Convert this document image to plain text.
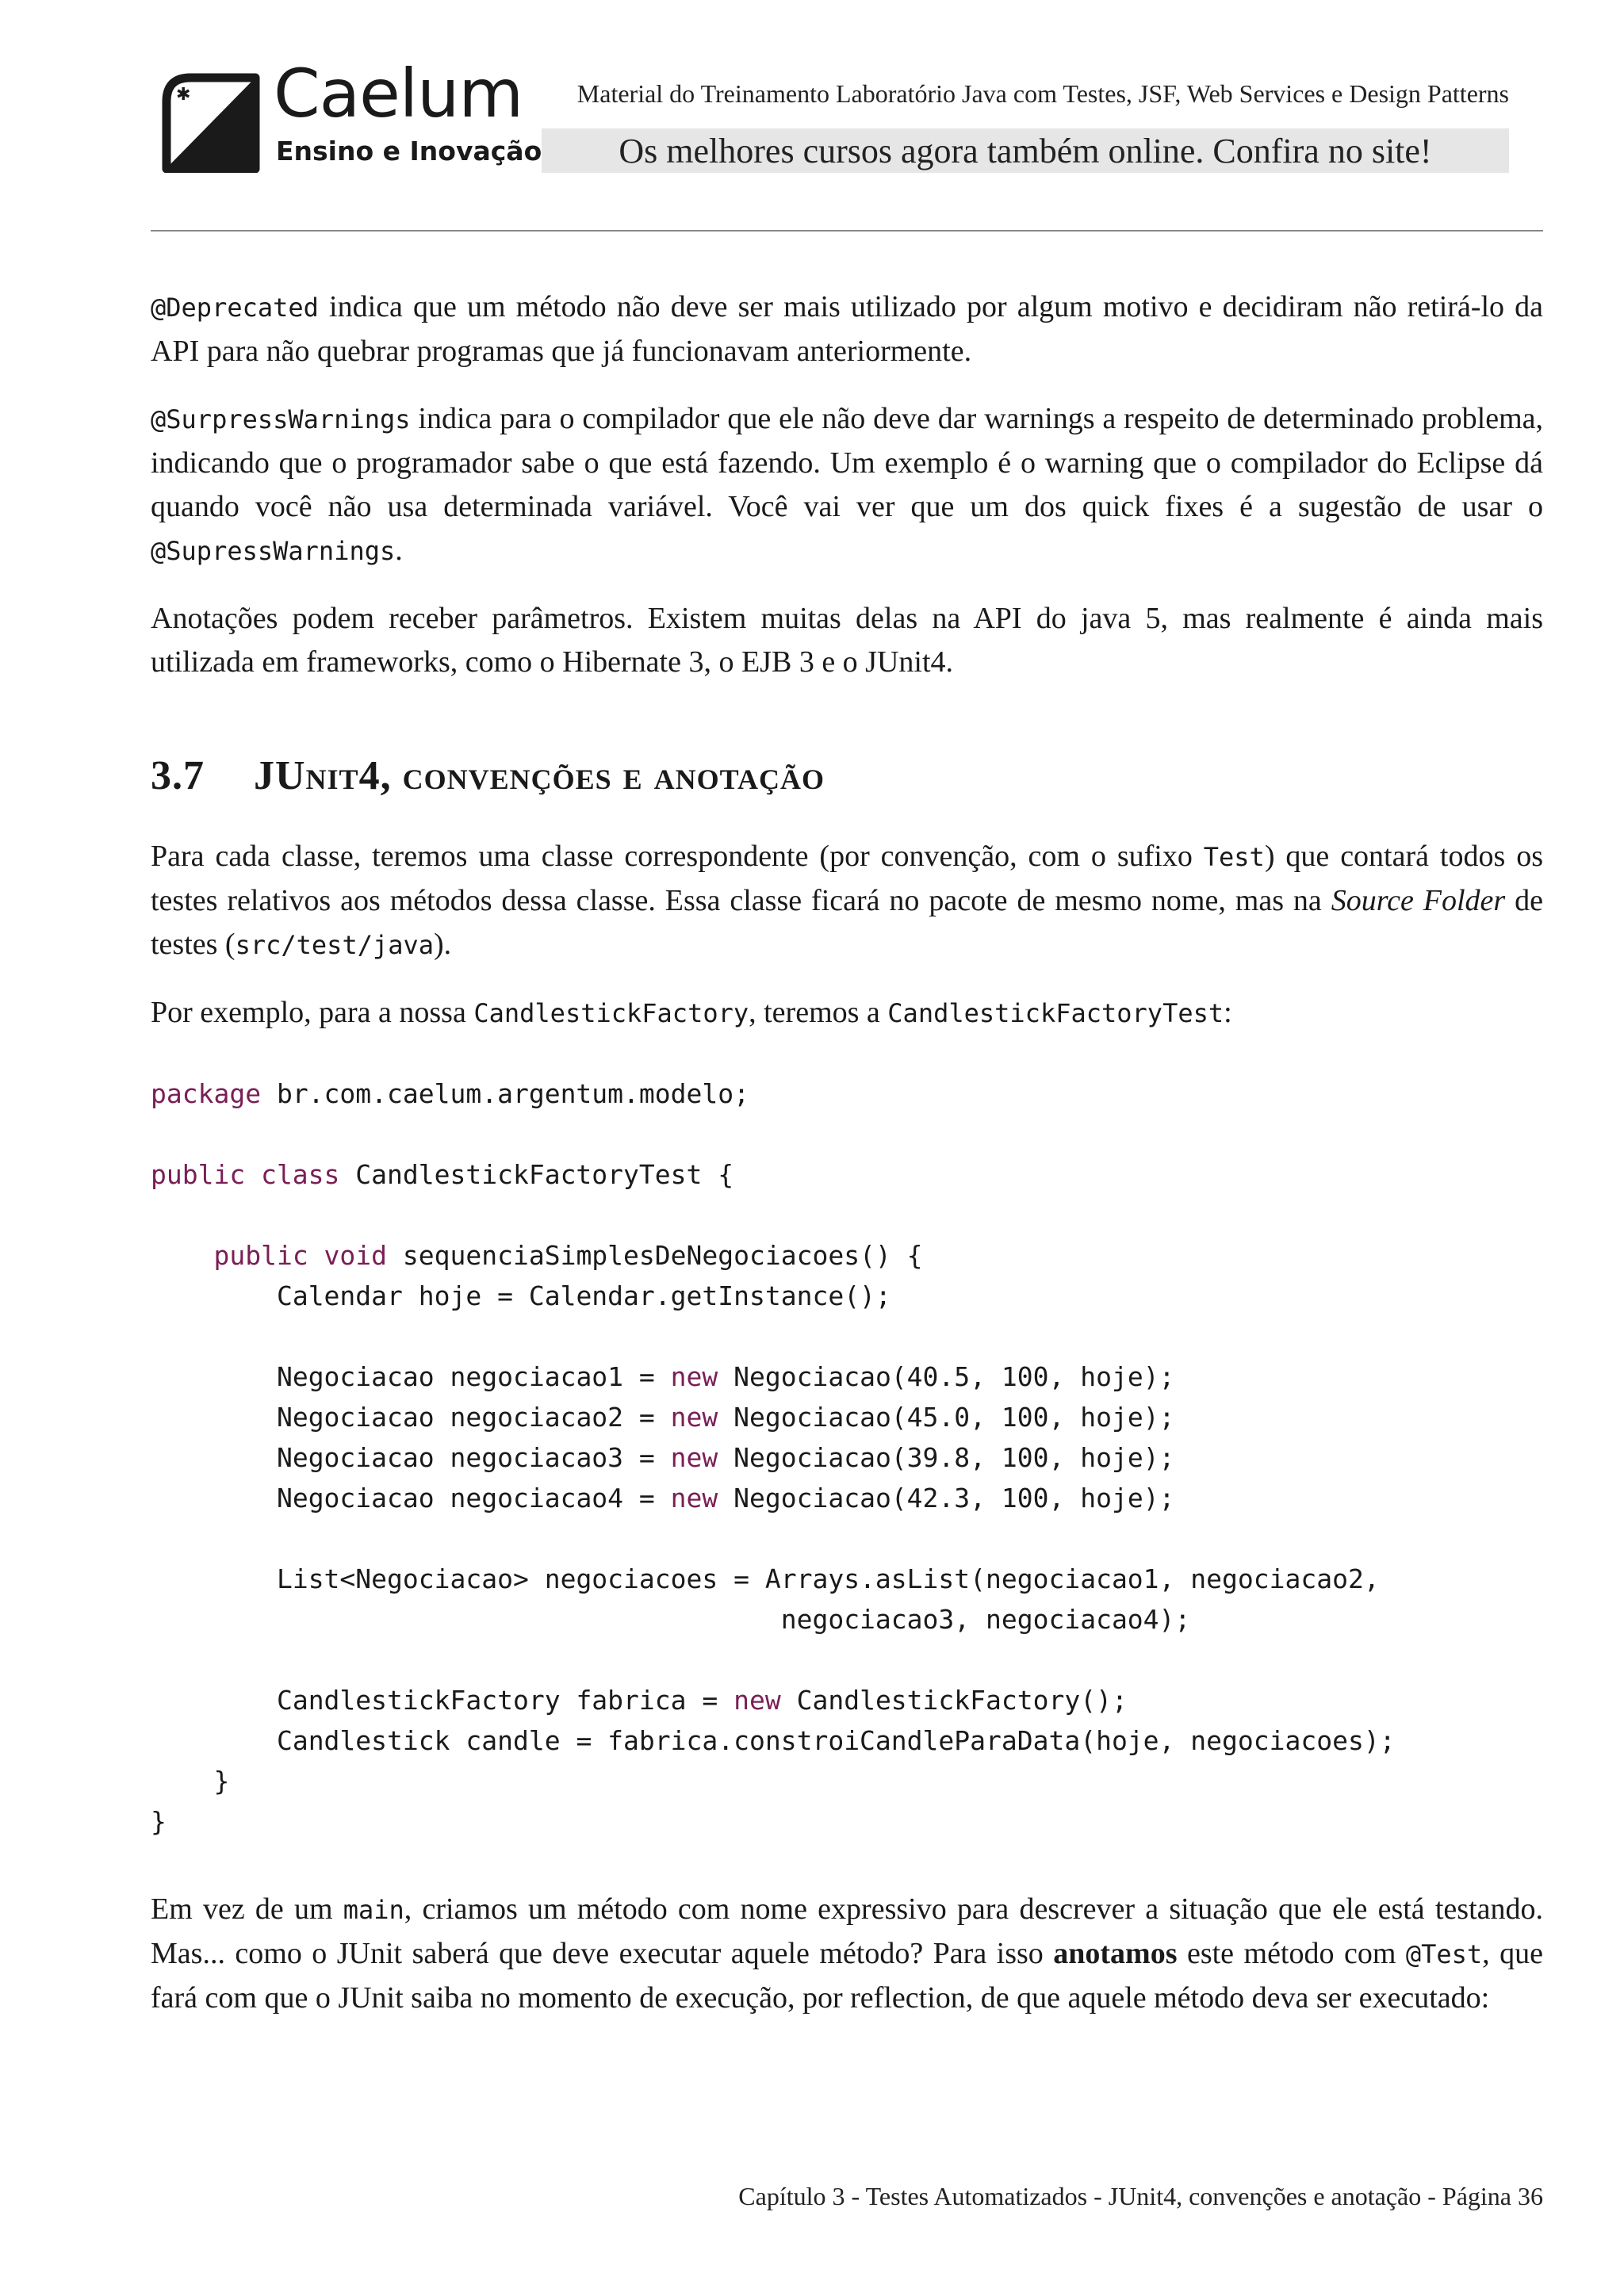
✱ Caelum
Ensino e Inovação
Material do Treinamento Laboratório Java com Testes, JSF, Web Services e Design Patterns
Os melhores cursos agora também online. Confira no site!

@Deprecated indica que um método não deve ser mais utilizado por algum motivo e decidiram não retirá-lo da API para não quebrar programas que já funcionavam anteriormente.

@SurpressWarnings indica para o compilador que ele não deve dar warnings a respeito de determinado problema, indicando que o programador sabe o que está fazendo. Um exemplo é o warning que o compilador do Eclipse dá quando você não usa determinada variável. Você vai ver que um dos quick fixes é a sugestão de usar o @SupressWarnings.

Anotações podem receber parâmetros. Existem muitas delas na API do java 5, mas realmente é ainda mais utilizada em frameworks, como o Hibernate 3, o EJB 3 e o JUnit4.

3.7 JUnit4, convenções e anotação

Para cada classe, teremos uma classe correspondente (por convenção, com o sufixo Test) que contará todos os testes relativos aos métodos dessa classe. Essa classe ficará no pacote de mesmo nome, mas na Source Folder de testes (src/test/java).

Por exemplo, para a nossa CandlestickFactory, teremos a CandlestickFactoryTest:

package br.com.caelum.argentum.modelo;

public class CandlestickFactoryTest {

public void sequenciaSimplesDeNegociacoes() {
Calendar hoje = Calendar.getInstance();

Negociacao negociacao1 = new Negociacao(40.5, 100, hoje);
Negociacao negociacao2 = new Negociacao(45.0, 100, hoje);
Negociacao negociacao3 = new Negociacao(39.8, 100, hoje);
Negociacao negociacao4 = new Negociacao(42.3, 100, hoje);

List<Negociacao> negociacoes = Arrays.asList(negociacao1, negociacao2,
negociacao3, negociacao4);

CandlestickFactory fabrica = new CandlestickFactory();
Candlestick candle = fabrica.constroiCandleParaData(hoje, negociacoes);
}
}

Em vez de um main, criamos um método com nome expressivo para descrever a situação que ele está testando. Mas... como o JUnit saberá que deve executar aquele método? Para isso anotamos este método com @Test, que fará com que o JUnit saiba no momento de execução, por reflection, de que aquele método deva ser executado:

Capítulo 3 - Testes Automatizados - JUnit4, convenções e anotação - Página 36
